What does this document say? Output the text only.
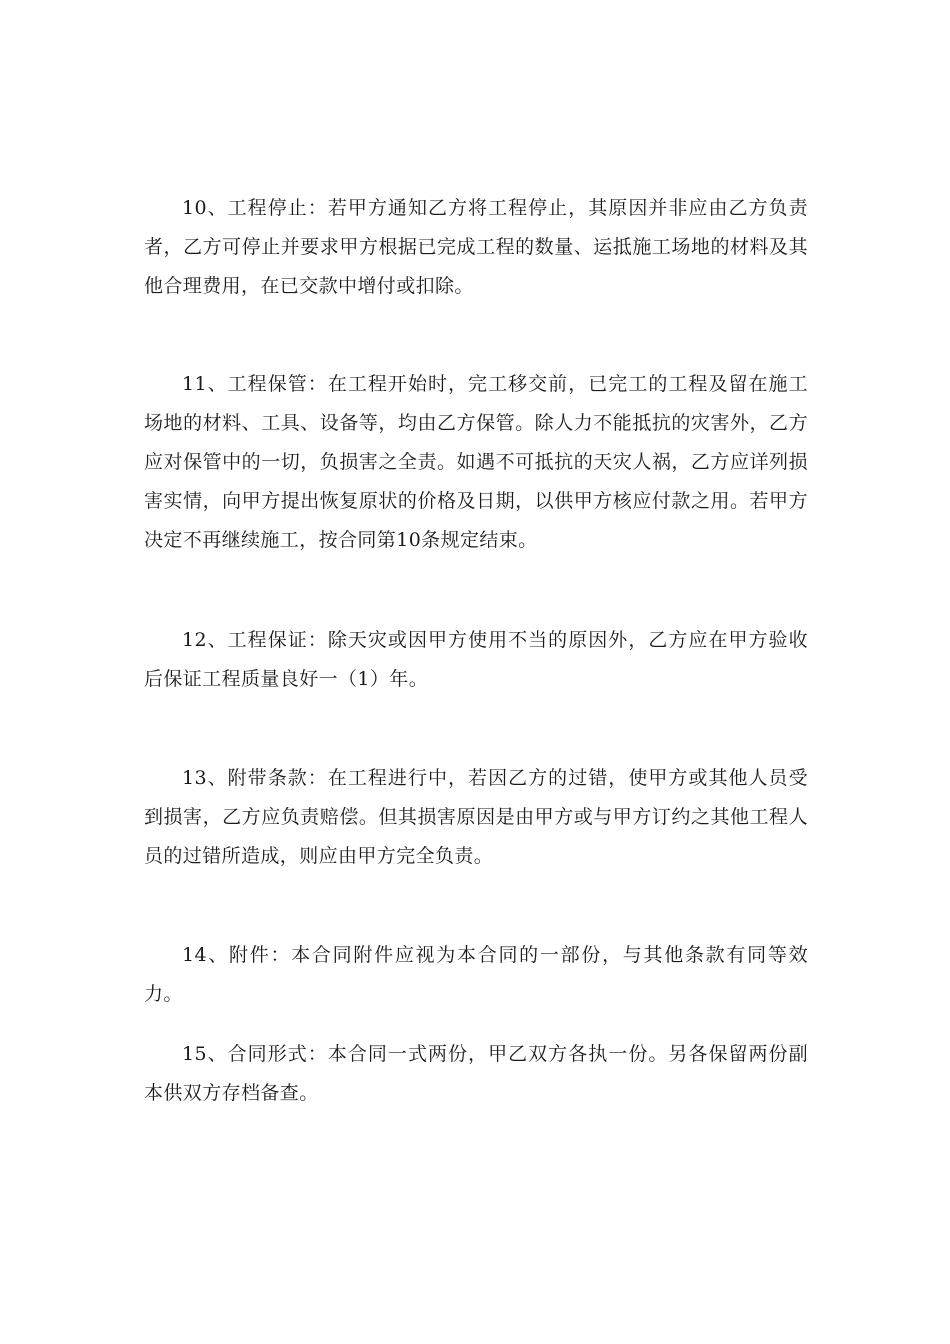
10、工程停止：若甲方通知乙方将工程停止，其原因并非应由乙方负责者，乙方可停止并要求甲方根据已完成工程的数量、运抵施工场地的材料及其他合理费用，在已交款中增付或扣除。

11、工程保管：在工程开始时，完工移交前，已完工的工程及留在施工场地的材料、工具、设备等，均由乙方保管。除人力不能抵抗的灾害外，乙方应对保管中的一切，负损害之全责。如遇不可抵抗的天灾人祸，乙方应详列损害实情，向甲方提出恢复原状的价格及日期，以供甲方核应付款之用。若甲方决定不再继续施工，按合同第10条规定结束。

12、工程保证：除天灾或因甲方使用不当的原因外，乙方应在甲方验收后保证工程质量良好一（1）年。

13、附带条款：在工程进行中，若因乙方的过错，使甲方或其他人员受到损害，乙方应负责赔偿。但其损害原因是由甲方或与甲方订约之其他工程人员的过错所造成，则应由甲方完全负责。

14、附件：本合同附件应视为本合同的一部份，与其他条款有同等效力。

15、合同形式：本合同一式两份，甲乙双方各执一份。另各保留两份副本供双方存档备查。
